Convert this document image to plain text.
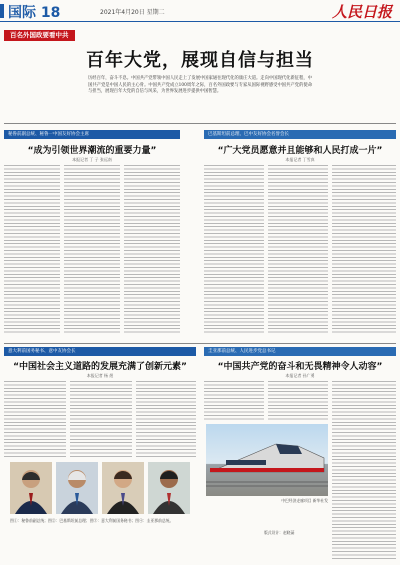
国际 18	2021年4月20日 星期二	人民日报
百名外国政要看中共
百年大党，展现自信与担当
历经百年，奋斗不息。中国共产党带领中国人民走上了发展中国家通往现代化的康庄大道。走向中国现代化新征程，中国共产党是中国人民的主心骨。中国共产党成立100周年之际，百名外国政要与专家从国际视野感受中国共产党的使命与担当，展现百年大党的自信与风采，为世界发展进步提供中国智慧。
秘鲁前副总统、秘鲁一中国友好协会主席
“成为引领世界潮流的重要力量”
本报记者 丁 子 张远南
巴基斯坦前总理、巴中友好协会名誉会长
“广大党员愿意并且能够和人民打成一片”
本报记者 丁雪真
意大利前国务秘书、意中友协会长
“中国社会主义道路的发展充满了创新元素”
本报记者 杨 煜
圭亚那前总统、人民进步党总书记
“中国共产党的奋斗和无畏精神令人动容”
本报记者 孙广勇
中巴经济走廊项目 新华社发
图①：秘鲁前副总统；图②：巴基斯坦前总理；图③：意大利前国务秘书；图④：圭亚那前总统。
版式设计：赵晓菡
